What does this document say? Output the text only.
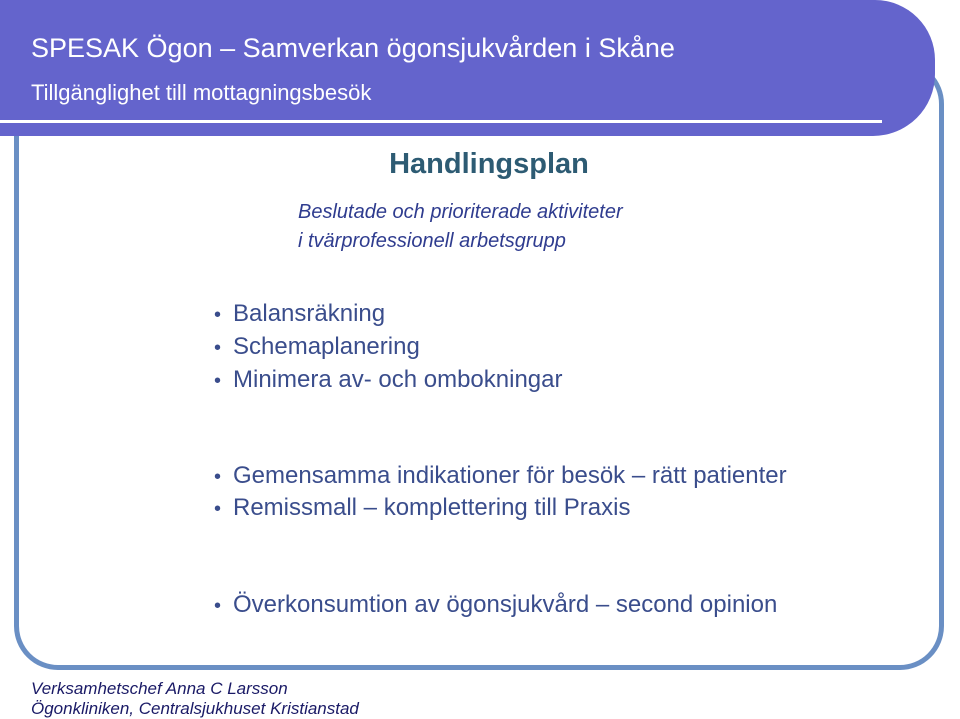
SPESAK Ögon – Samverkan ögonsjukvården i Skåne
Tillgänglighet till mottagningsbesök
Handlingsplan
Beslutade och prioriterade aktiviteter
i tvärprofessionell arbetsgrupp
• Balansräkning
• Schemaplanering
• Minimera av- och ombokningar
• Gemensamma indikationer för besök – rätt patienter
• Remissmall – komplettering till Praxis
• Överkonsumtion av ögonsjukvård – second opinion
Verksamhetschef Anna C Larsson
Ögonkliniken, Centralsjukhuset Kristianstad
